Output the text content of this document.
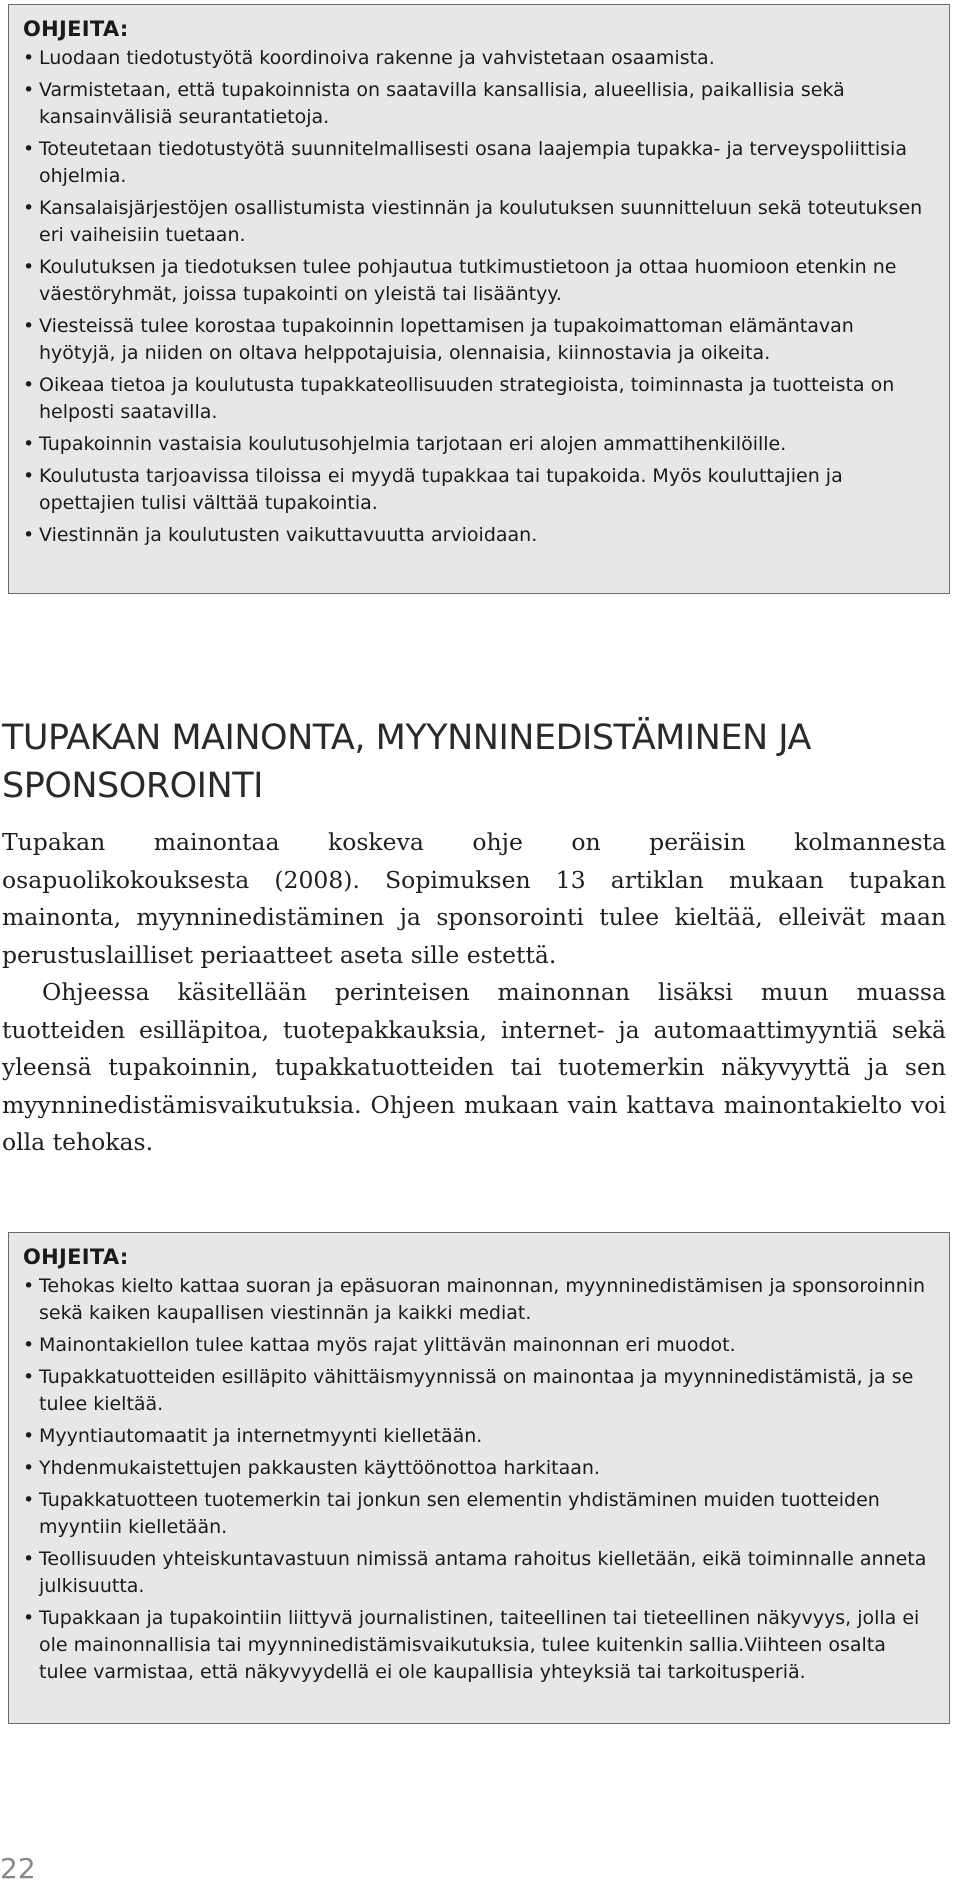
OHJEITA:
• Luodaan tiedotustyötä koordinoiva rakenne ja vahvistetaan osaamista.
• Varmistetaan, että tupakoinnista on saatavilla kansallisia, alueellisia, paikallisia sekä kansainvälisiä seurantatietoja.
• Toteutetaan tiedotustyötä suunnitelmallisesti osana laajempia tupakka- ja terveyspoliittisia ohjelmia.
• Kansalaisjärjestöjen osallistumista viestinnän ja koulutuksen suunnitteluun sekä toteutuksen eri vaiheisiin tuetaan.
• Koulutuksen ja tiedotuksen tulee pohjautua tutkimustietoon ja ottaa huomioon etenkin ne väestöryhmät, joissa tupakointi on yleistä tai lisääntyy.
• Viesteissä tulee korostaa tupakoinnin lopettamisen ja tupakoimattoman elämäntavan hyötyjä, ja niiden on oltava helppotajuisia, olennaisia, kiinnostavia ja oikeita.
• Oikeaa tietoa ja koulutusta tupakkateollisuuden strategioista, toiminnasta ja tuotteista on helposti saatavilla.
• Tupakoinnin vastaisia koulutusohjelmia tarjotaan eri alojen ammattihenkilöille.
• Koulutusta tarjoavissa tiloissa ei myydä tupakkaa tai tupakoida. Myös kouluttajien ja opettajien tulisi välttää tupakointia.
• Viestinnän ja koulutusten vaikuttavuutta arvioidaan.
TUPAKAN MAINONTA, MYYNNINEDISTÄMINEN JA SPONSOROINTI

Tupakan mainontaa koskeva ohje on peräisin kolmannesta osapuolikokouksesta (2008). Sopimuksen 13 artiklan mukaan tupakan mainonta, myynninedistäminen ja sponsorointi tulee kieltää, elleivät maan perustuslailliset periaatteet aseta sille estettä.

Ohjeessa käsitellään perinteisen mainonnan lisäksi muun muassa tuotteiden esilläpitoa, tuotepakkauksia, internet- ja automaattimyyntiä sekä yleensä tupakoinnin, tupakkatuotteiden tai tuotemerkin näkyvyyttä ja sen myynninedistämisvaikutuksia. Ohjeen mukaan vain kattava mainontakielto voi olla tehokas.

OHJEITA:
• Tehokas kielto kattaa suoran ja epäsuoran mainonnan, myynninedistämisen ja sponsoroinnin sekä kaiken kaupallisen viestinnän ja kaikki mediat.
• Mainontakiellon tulee kattaa myös rajat ylittävän mainonnan eri muodot.
• Tupakkatuotteiden esilläpito vähittäismyynnissä on mainontaa ja myynninedistämistä, ja se tulee kieltää.
• Myyntiautomaatit ja internetmyynti kielletään.
• Yhdenmukaistettujen pakkausten käyttöönottoa harkitaan.
• Tupakkatuotteen tuotemerkin tai jonkun sen elementin yhdistäminen muiden tuotteiden myyntiin kielletään.
• Teollisuuden yhteiskuntavastuun nimissä antama rahoitus kielletään, eikä toiminnalle anneta julkisuutta.
• Tupakkaan ja tupakointiin liittyvä journalistinen, taiteellinen tai tieteellinen näkyvyys, jolla ei ole mainonnallisia tai myynninedistämisvaikutuksia, tulee kuitenkin sallia.Viihteen osalta tulee varmistaa, että näkyvyydellä ei ole kaupallisia yhteyksiä tai tarkoitusperiä.
22
